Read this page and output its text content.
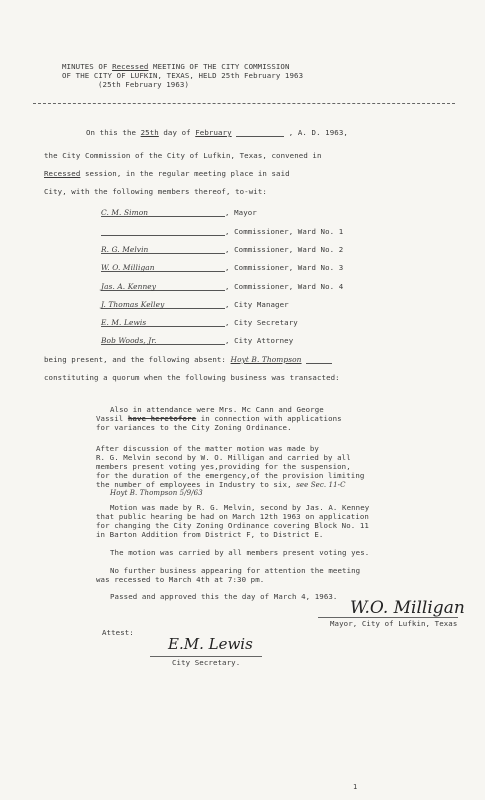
MINUTES OF Recessed MEETING OF THE CITY COMMISSION
OF THE CITY OF LUFKIN, TEXAS, HELD 25th February 1963
(25th February 1963)
On this the 25th day of February	, A. D. 1963,
the City Commission of the City of Lufkin, Texas, convened in
Recessed session, in the regular meeting place in said
City, with the following members thereof, to-wit:
C. M. Simon	, Mayor
, Commissioner, Ward No. 1
R. G. Melvin	, Commissioner, Ward No. 2
W. O. Milligan	, Commissioner, Ward No. 3
Jas. A. Kenney	, Commissioner, Ward No. 4
J. Thomas Kelley	, City Manager
E. M. Lewis	, City Secretary
Bob Woods, Jr.	, City Attorney
being present, and the following absent: Hoyt B. Thompson
constituting a quorum when the following business was transacted:
Also in attendance were Mrs. Mc Cann and George
Vassil have heretofore in connection with applications
for variances to the City Zoning Ordinance.
After discussion of the matter motion was made by
R. G. Melvin second by W. O. Milligan and carried by all
members present voting yes,providing for the suspension,
for the duration of the emergency,of the provision limiting
the number of employees in Industry to six, see Sec. 11-C
Hoyt B. Thompson 5/9/63
Motion was made by R. G. Melvin, second by Jas. A. Kenney
that public hearing be had on March 12th 1963 on application
for changing the City Zoning Ordinance covering Block No. 11
in Barton Addition from District F, to District E.
The motion was carried by all members present voting yes.
No further business appearing for attention the meeting
was recessed to March 4th at 7:30 pm.
Passed and approved this the day of March 4, 1963.
W.O. Milligan
Mayor, City of Lufkin, Texas
Attest:
E.M. Lewis
City Secretary.
1
